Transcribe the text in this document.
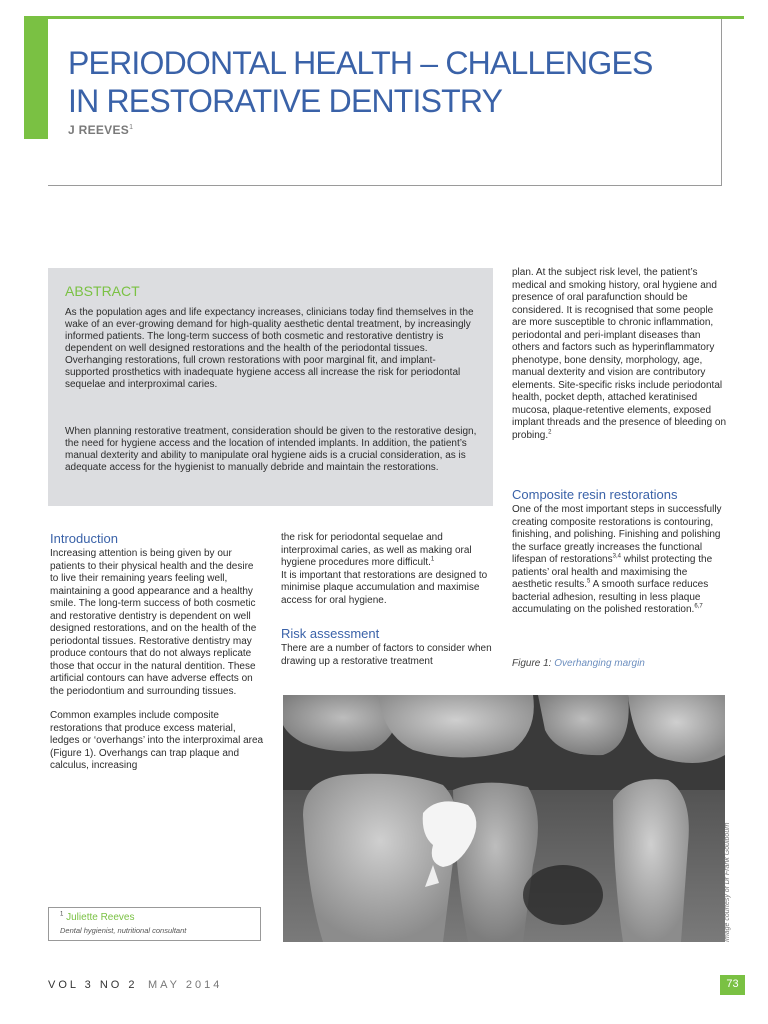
PERIODONTAL HEALTH – CHALLENGES
IN RESTORATIVE DENTISTRY
J REEVES$^1$
ABSTRACT
As the population ages and life expectancy increases, clinicians today find themselves in the wake of an ever-growing demand for high-quality aesthetic dental treatment, by increasingly informed patients. The long-term success of both cosmetic and restorative dentistry is dependent on well designed restorations and the health of the periodontal tissues. Overhanging restorations, full crown restorations with poor marginal fit, and implant-supported prosthetics with inadequate hygiene access all increase the risk for periodontal sequelae and interproximal caries.
When planning restorative treatment, consideration should be given to the restorative design, the need for hygiene access and the location of intended implants. In addition, the patient’s manual dexterity and ability to manipulate oral hygiene aids is a crucial consideration, as is adequate access for the hygienist to manually debride and maintain the restorations.
Introduction

Increasing attention is being given by our patients to their physical health and the desire to live their remaining years feeling well, maintaining a good appearance and a healthy smile. The long-term success of both cosmetic and restorative dentistry is dependent on well designed restorations, and on the health of the periodontal tissues. Restorative dentistry may produce contours that do not always replicate those that occur in the natural dentition. These artificial contours can have adverse effects on the periodontium and surrounding tissues.

Common examples include composite restorations that produce excess material, ledges or ‘overhangs’ into the interproximal area (Figure 1). Overhangs can trap plaque and calculus, increasing

the risk for periodontal sequelae and interproximal caries, as well as making oral hygiene procedures more difficult.$^1$

It is important that restorations are designed to minimise plaque accumulation and maximise access for oral hygiene.

Risk assessment

There are a number of factors to consider when drawing up a restorative treatment

plan. At the subject risk level, the patient’s medical and smoking history, oral hygiene and presence of oral parafunction should be considered. It is recognised that some people are more susceptible to chronic inflammation, periodontal and peri-implant diseases than others and factors such as hyperinflammatory phenotype, bone density, morphology, age, manual dexterity and vision are contributory elements. Site-specific risks include periodontal health, pocket depth, attached keratinised mucosa, plaque-retentive elements, exposed implant threads and the presence of bleeding on probing.$^2$

Composite resin restorations

One of the most important steps in successfully creating composite restorations is contouring, finishing, and polishing. Finishing and polishing the surface greatly increases the functional lifespan of restorations$^{3,4}$ whilst protecting the patients’ oral health and maximising the aesthetic results.$^5$ A smooth surface reduces bacterial adhesion, resulting in less plaque accumulating on the polished restoration.$^{6,7}$

Figure 1: Overhanging margin
Image courtesy of Dr Frank Goulbourn
$^1$ Juliette Reeves
Dental hygienist, nutritional consultant
VOL 3 NO 2 MAY 2014	73
